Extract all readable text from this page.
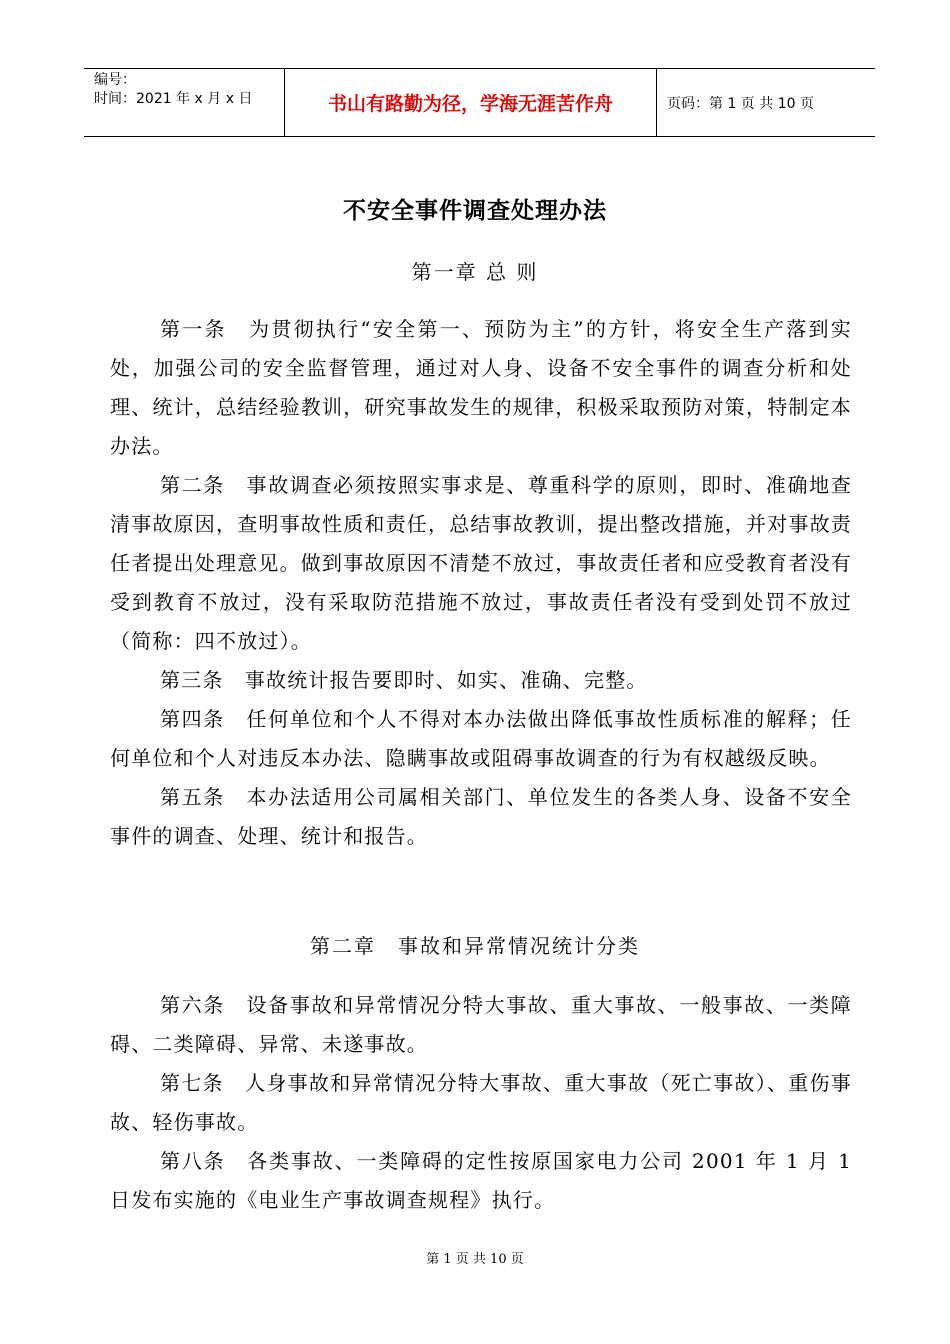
编号：
时间：2021 年 x 月 x 日	书山有路勤为径，学海无涯苦作舟	页码：第 1 页 共 10 页
不安全事件调查处理办法
第一章 总 则

第一条　为贯彻执行“安全第一、预防为主”的方针，将安全生产落到实处，加强公司的安全监督管理，通过对人身、设备不安全事件的调查分析和处理、统计，总结经验教训，研究事故发生的规律，积极采取预防对策，特制定本办法。

第二条　事故调查必须按照实事求是、尊重科学的原则，即时、准确地查清事故原因，查明事故性质和责任，总结事故教训，提出整改措施，并对事故责任者提出处理意见。做到事故原因不清楚不放过，事故责任者和应受教育者没有受到教育不放过，没有采取防范措施不放过，事故责任者没有受到处罚不放过（简称：四不放过）。

第三条　事故统计报告要即时、如实、准确、完整。

第四条　任何单位和个人不得对本办法做出降低事故性质标准的解释；任何单位和个人对违反本办法、隐瞒事故或阻碍事故调查的行为有权越级反映。

第五条　本办法适用公司属相关部门、单位发生的各类人身、设备不安全事件的调查、处理、统计和报告。

第二章　事故和异常情况统计分类

第六条　设备事故和异常情况分特大事故、重大事故、一般事故、一类障碍、二类障碍、异常、未遂事故。

第七条　人身事故和异常情况分特大事故、重大事故（死亡事故）、重伤事故、轻伤事故。

第八条　各类事故、一类障碍的定性按原国家电力公司 2001 年 1 月 1 日发布实施的《电业生产事故调查规程》执行。

第 1 页 共 10 页
